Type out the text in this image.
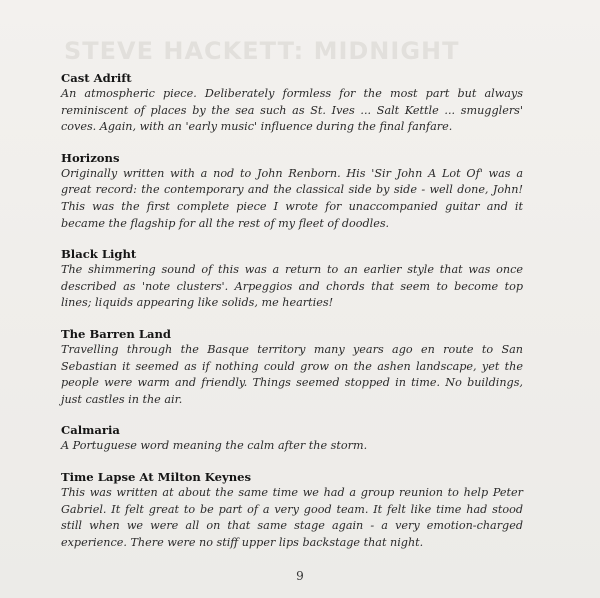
STEVE HACKETT: MIDNIGHT
Cast Adrift
An atmospheric piece. Deliberately formless for the most part but always reminiscent of places by the sea such as St. Ives ... Salt Kettle ... smugglers' coves. Again, with an 'early music' influence during the final fanfare.
Horizons
Originally written with a nod to John Renborn. His 'Sir John A Lot Of' was a great record: the contemporary and the classical side by side - well done, John! This was the first complete piece I wrote for unaccompanied guitar and it became the flagship for all the rest of my fleet of doodles.
Black Light
The shimmering sound of this was a return to an earlier style that was once described as 'note clusters'. Arpeggios and chords that seem to become top lines; liquids appearing like solids, me hearties!
The Barren Land
Travelling through the Basque territory many years ago en route to San Sebastian it seemed as if nothing could grow on the ashen landscape, yet the people were warm and friendly. Things seemed stopped in time. No buildings, just castles in the air.
Calmaria
A Portuguese word meaning the calm after the storm.
Time Lapse At Milton Keynes
This was written at about the same time we had a group reunion to help Peter Gabriel. It felt great to be part of a very good team. It felt like time had stood still when we were all on that same stage again - a very emotion-charged experience. There were no stiff upper lips backstage that night.
9
